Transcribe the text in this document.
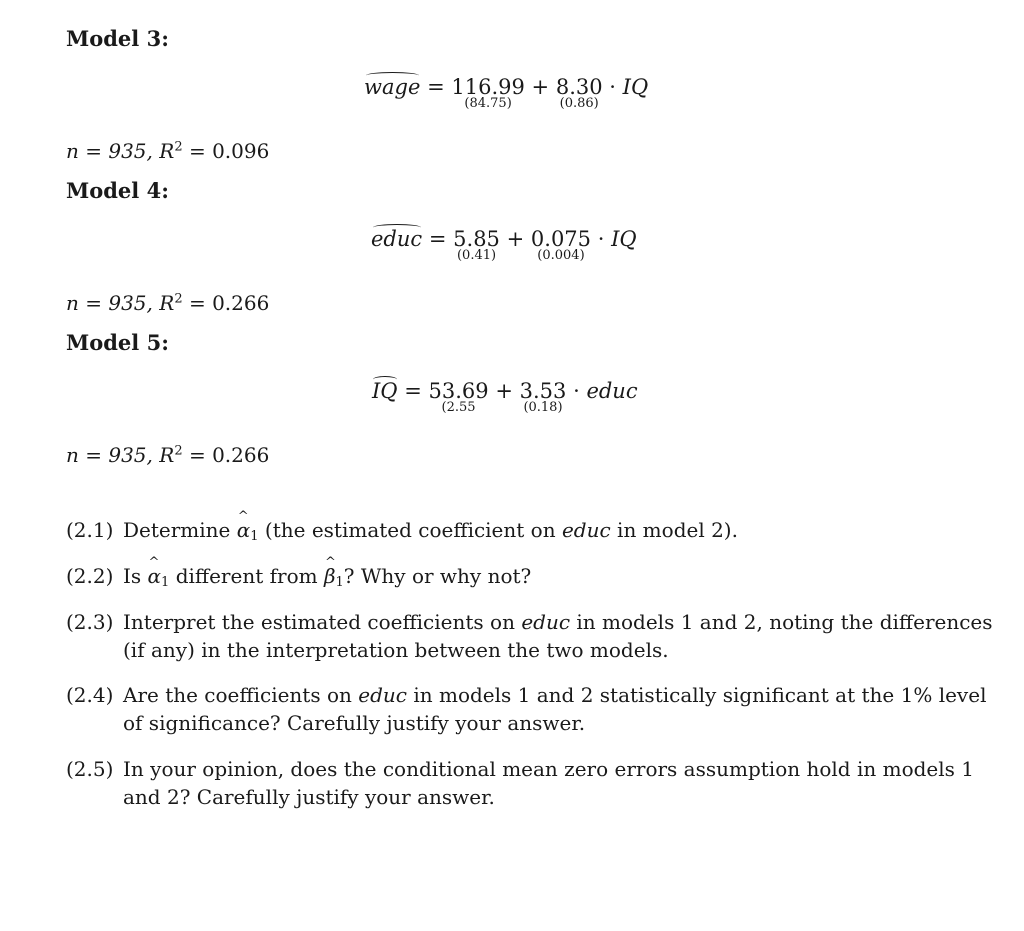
Model 3:
wage = 116.99
(84.75)
+ 8.30
(0.86)
· IQ
n = 935, $R^2 = 0.096$
Model 4:
educ = 5.85
(0.41)
+ 0.075
(0.004)
· IQ
n = 935, $R^2 = 0.266$
Model 5:
IQ = 53.69
(2.55
+ 3.53
(0.18)
· educ
n = 935, $R^2 = 0.266$
(2.1) Determine α $\^{}_1$ (the estimated coefficient on educ in model 2).
(2.2) Is α $\^{}_1$ different from β $\^{}_1$? Why or why not?
(2.3) Interpret the estimated coefficients on educ in models 1 and 2, noting the differences
(if any) in the interpretation between the two models.
(2.4) Are the coefficients on educ in models 1 and 2 statistically significant at the 1% level
of significance? Carefully justify your answer.
(2.5) In your opinion, does the conditional mean zero errors assumption hold in models 1
and 2? Carefully justify your answer.
